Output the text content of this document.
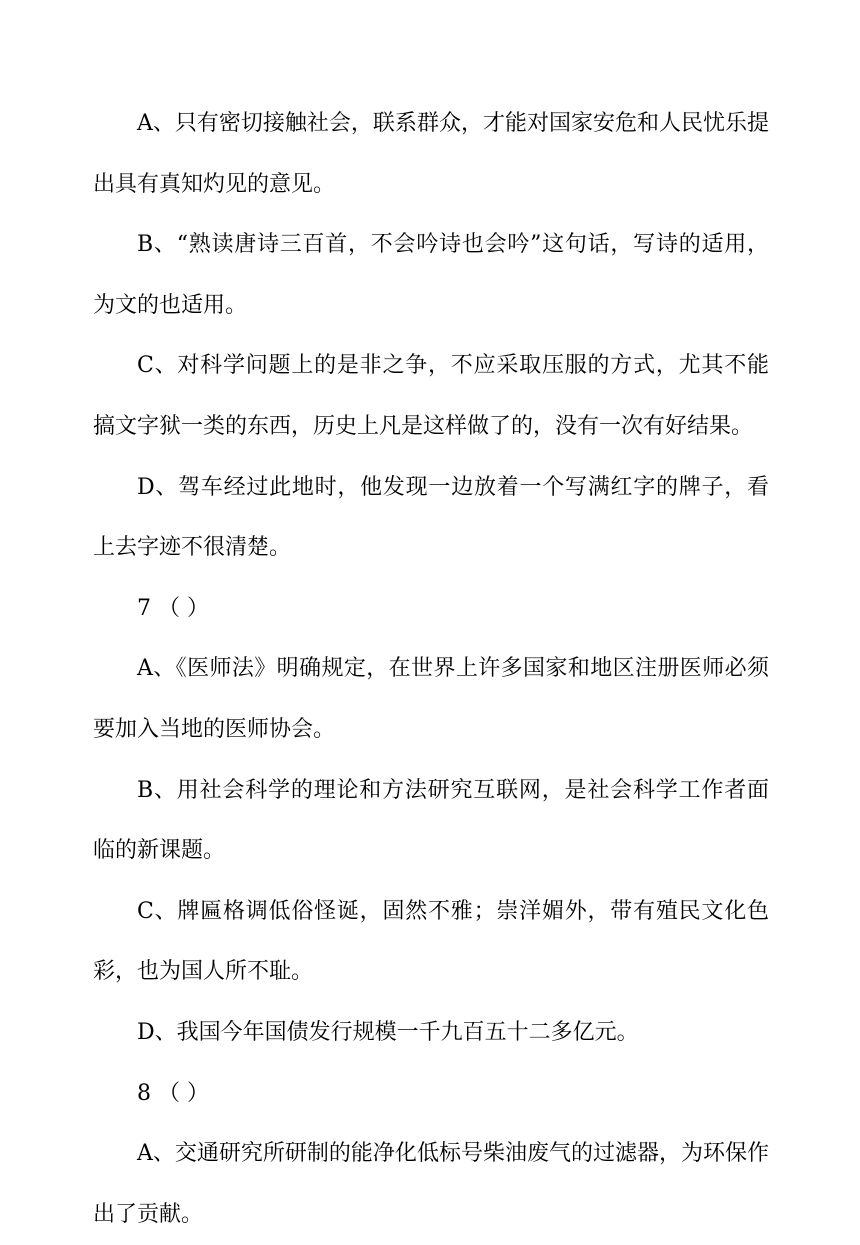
A、只有密切接触社会，联系群众，才能对国家安危和人民忧乐提出具有真知灼见的意见。

B、“熟读唐诗三百首，不会吟诗也会吟”这句话，写诗的适用，为文的也适用。

C、对科学问题上的是非之争，不应采取压服的方式，尤其不能搞文字狱一类的东西，历史上凡是这样做了的，没有一次有好结果。

D、驾车经过此地时，他发现一边放着一个写满红字的牌子，看上去字迹不很清楚。

7 （ ）

A、《医师法》明确规定，在世界上许多国家和地区注册医师必须要加入当地的医师协会。

B、用社会科学的理论和方法研究互联网，是社会科学工作者面临的新课题。

C、牌匾格调低俗怪诞，固然不雅；崇洋媚外，带有殖民文化色彩，也为国人所不耻。

D、我国今年国债发行规模一千九百五十二多亿元。

8 （ ）

A、交通研究所研制的能净化低标号柴油废气的过滤器，为环保作出了贡献。
